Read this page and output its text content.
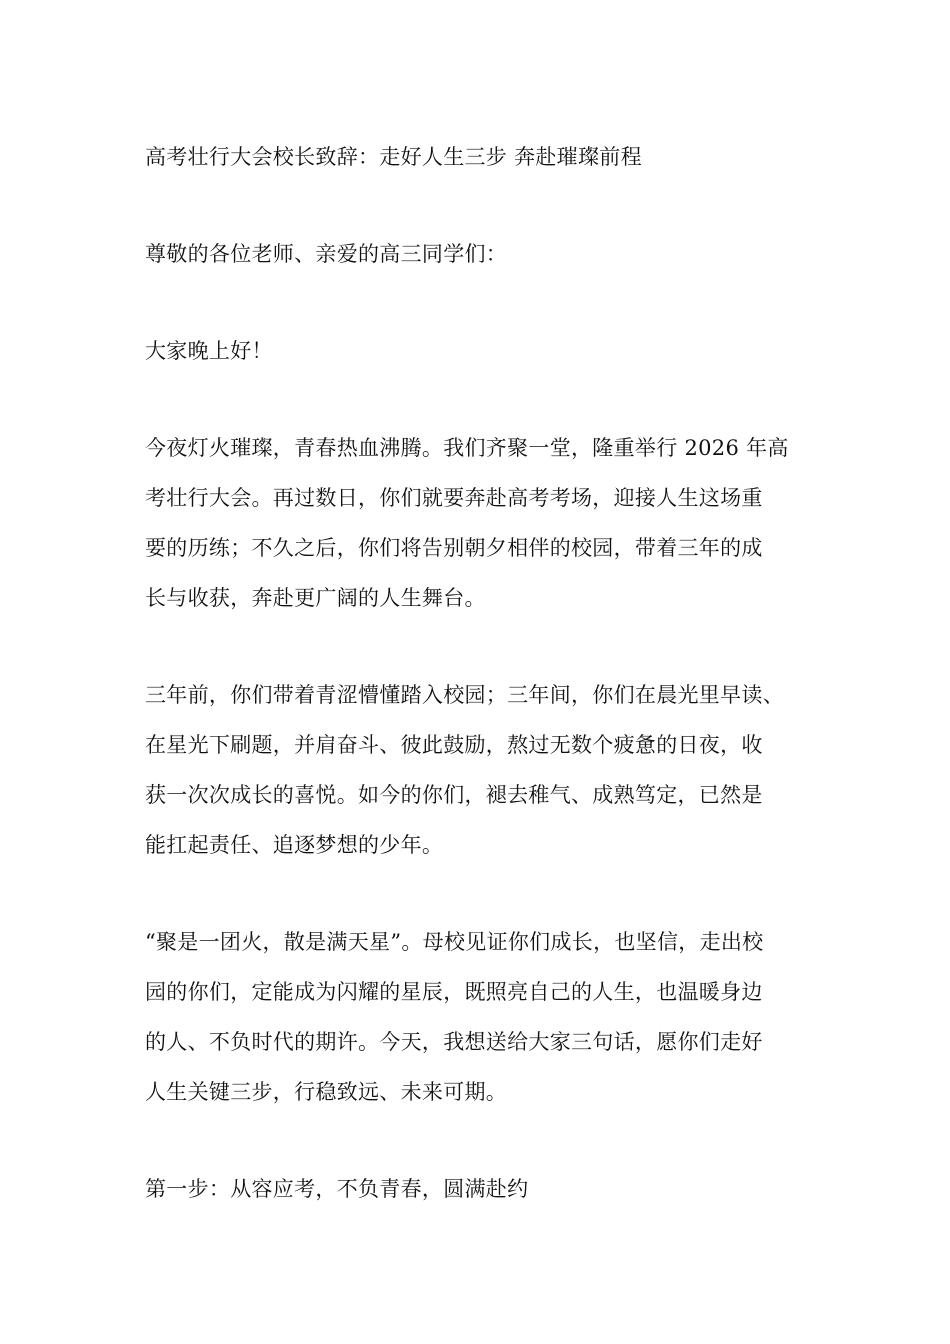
高考壮行大会校长致辞：走好人生三步 奔赴璀璨前程

尊敬的各位老师、亲爱的高三同学们：

大家晚上好！

今夜灯火璀璨，青春热血沸腾。我们齐聚一堂，隆重举行 2026 年高

考壮行大会。再过数日，你们就要奔赴高考考场，迎接人生这场重

要的历练；不久之后，你们将告别朝夕相伴的校园，带着三年的成

长与收获，奔赴更广阔的人生舞台。

三年前，你们带着青涩懵懂踏入校园；三年间，你们在晨光里早读、

在星光下刷题，并肩奋斗、彼此鼓励，熬过无数个疲惫的日夜，收

获一次次成长的喜悦。如今的你们，褪去稚气、成熟笃定，已然是

能扛起责任、追逐梦想的少年。

“聚是一团火，散是满天星”。母校见证你们成长，也坚信，走出校

园的你们，定能成为闪耀的星辰，既照亮自己的人生，也温暖身边

的人、不负时代的期许。今天，我想送给大家三句话，愿你们走好

人生关键三步，行稳致远、未来可期。

第一步：从容应考，不负青春，圆满赴约
